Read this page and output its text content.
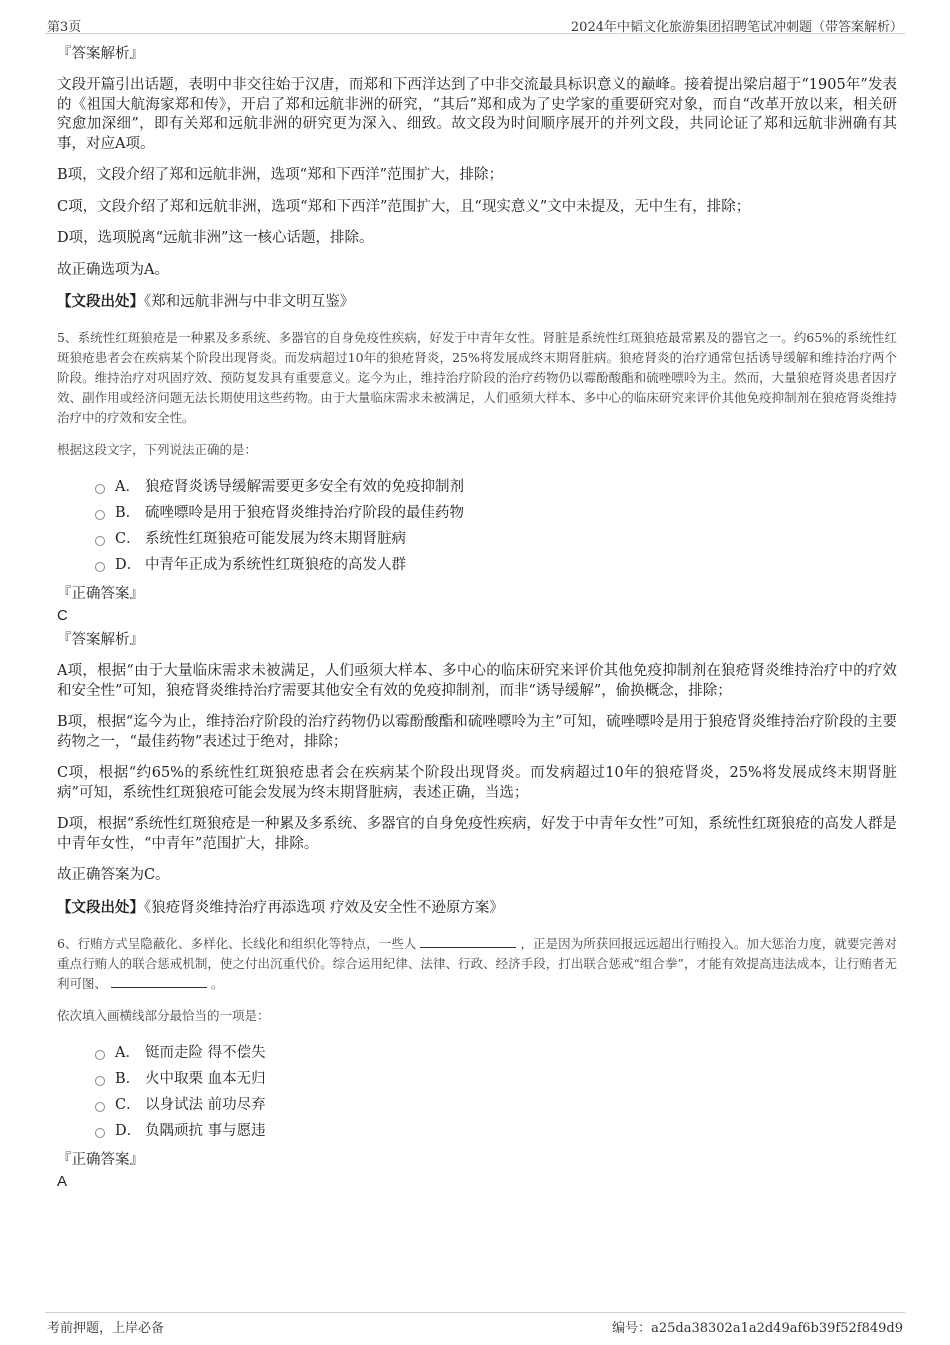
第3页	2024年中韬文化旅游集团招聘笔试冲刺题（带答案解析）
『答案解析』

文段开篇引出话题，表明中非交往始于汉唐，而郑和下西洋达到了中非交流最具标识意义的巅峰。接着提出梁启超于“1905年”发表的《祖国大航海家郑和传》，开启了郑和远航非洲的研究，“其后”郑和成为了史学家的重要研究对象，而自“改革开放以来，相关研究愈加深细”，即有关郑和远航非洲的研究更为深入、细致。故文段为时间顺序展开的并列文段，共同论证了郑和远航非洲确有其事，对应A项。

B项，文段介绍了郑和远航非洲，选项“郑和下西洋”范围扩大，排除；

C项，文段介绍了郑和远航非洲，选项“郑和下西洋”范围扩大，且“现实意义”文中未提及，无中生有，排除；

D项，选项脱离“远航非洲”这一核心话题，排除。

故正确选项为A。

【文段出处】《郑和远航非洲与中非文明互鉴》

5、系统性红斑狼疮是一种累及多系统、多器官的自身免疫性疾病，好发于中青年女性。肾脏是系统性红斑狼疮最常累及的器官之一。约65%的系统性红斑狼疮患者会在疾病某个阶段出现肾炎。而发病超过10年的狼疮肾炎，25%将发展成终末期肾脏病。狼疮肾炎的治疗通常包括诱导缓解和维持治疗两个阶段。维持治疗对巩固疗效、预防复发具有重要意义。迄今为止，维持治疗阶段的治疗药物仍以霉酚酸酯和硫唑嘌呤为主。然而，大量狼疮肾炎患者因疗效、副作用或经济问题无法长期使用这些药物。由于大量临床需求未被满足，人们亟须大样本、多中心的临床研究来评价其他免疫抑制剂在狼疮肾炎维持治疗中的疗效和安全性。

根据这段文字，下列说法正确的是：

A． 狼疮肾炎诱导缓解需要更多安全有效的免疫抑制剂
B． 硫唑嘌呤是用于狼疮肾炎维持治疗阶段的最佳药物
C． 系统性红斑狼疮可能发展为终末期肾脏病
D． 中青年正成为系统性红斑狼疮的高发人群
『正确答案』
C
『答案解析』

A项，根据“由于大量临床需求未被满足，人们亟须大样本、多中心的临床研究来评价其他免疫抑制剂在狼疮肾炎维持治疗中的疗效和安全性”可知，狼疮肾炎维持治疗需要其他安全有效的免疫抑制剂，而非“诱导缓解”，偷换概念，排除；

B项，根据“迄今为止，维持治疗阶段的治疗药物仍以霉酚酸酯和硫唑嘌呤为主”可知，硫唑嘌呤是用于狼疮肾炎维持治疗阶段的主要药物之一，“最佳药物”表述过于绝对，排除；

C项，根据“约65%的系统性红斑狼疮患者会在疾病某个阶段出现肾炎。而发病超过10年的狼疮肾炎，25%将发展成终末期肾脏病”可知，系统性红斑狼疮可能会发展为终末期肾脏病，表述正确，当选；

D项，根据“系统性红斑狼疮是一种累及多系统、多器官的自身免疫性疾病，好发于中青年女性”可知，系统性红斑狼疮的高发人群是中青年女性，“中青年”范围扩大，排除。

故正确答案为C。

【文段出处】《狼疮肾炎维持治疗再添选项 疗效及安全性不逊原方案》

6、行贿方式呈隐蔽化、多样化、长线化和组织化等特点，一些人	，正是因为所获回报远远超出行贿投入。加大惩治力度，就要完善对重点行贿人的联合惩戒机制，使之付出沉重代价。综合运用纪律、法律、行政、经济手段，打出联合惩戒“组合拳”，才能有效提高违法成本，让行贿者无利可图、	。

依次填入画横线部分最恰当的一项是：

A． 铤而走险 得不偿失
B． 火中取栗 血本无归
C． 以身试法 前功尽弃
D． 负隅顽抗 事与愿违
『正确答案』
A
考前押题，上岸必备	编号：a25da38302a1a2d49af6b39f52f849d9
